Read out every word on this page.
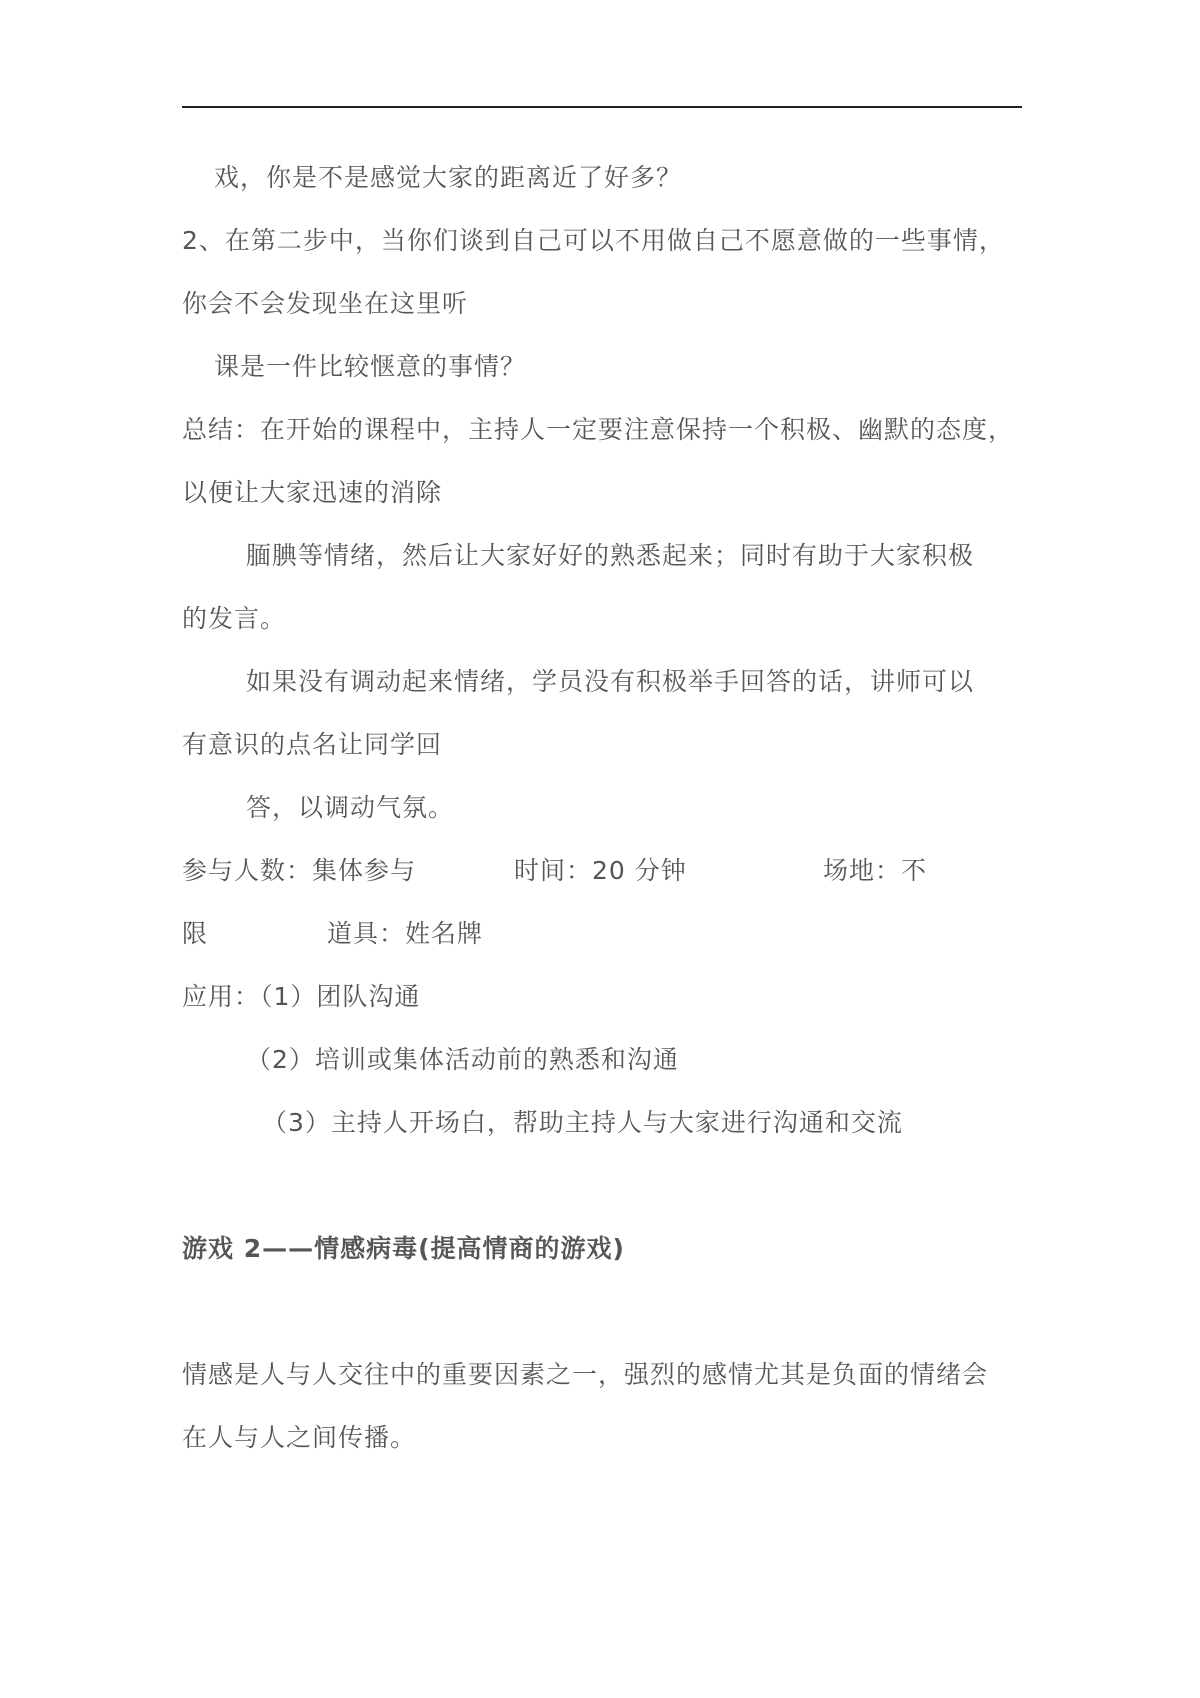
戏，你是不是感觉大家的距离近了好多？
2、在第二步中，当你们谈到自己可以不用做自己不愿意做的一些事情，
你会不会发现坐在这里听
课是一件比较惬意的事情？
总结：在开始的课程中，主持人一定要注意保持一个积极、幽默的态度，
以便让大家迅速的消除
腼腆等情绪，然后让大家好好的熟悉起来；同时有助于大家积极
的发言。
如果没有调动起来情绪，学员没有积极举手回答的话，讲师可以
有意识的点名让同学回
答，以调动气氛。
参与人数：集体参与	时间：20 分钟	场地：不
限	道具：姓名牌
应用：（1）团队沟通
（2）培训或集体活动前的熟悉和沟通
（3）主持人开场白，帮助主持人与大家进行沟通和交流
游戏 2——情感病毒(提高情商的游戏)
情感是人与人交往中的重要因素之一，强烈的感情尤其是负面的情绪会
在人与人之间传播。
